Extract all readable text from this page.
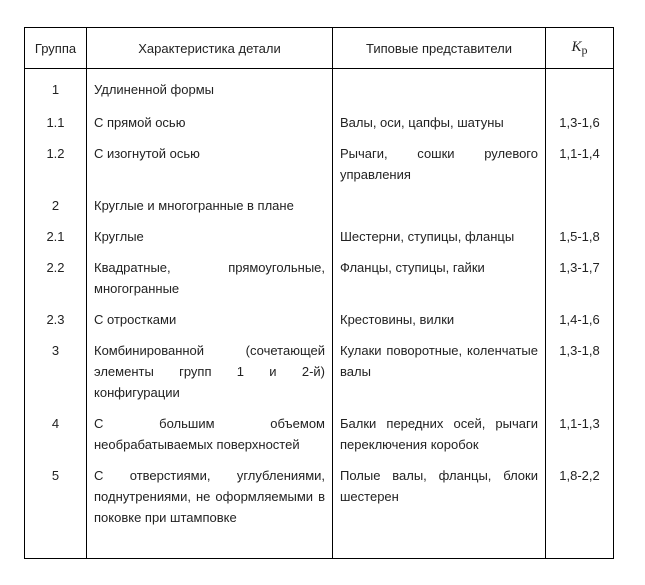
Группа	Характеристика детали	Типовые представители	$K_p$
1	Удлиненной формы		
1.1	С прямой осью	Валы, оси, цапфы, шатуны	1,3-1,6
1.2	С изогнутой осью	Рычаги, сошки рулевого управления	1,1-1,4
2	Круглые и многогранные в плане		
2.1	Круглые	Шестерни, ступицы, фланцы	1,5-1,8
2.2	Квадратные, прямоугольные, многогранные	Фланцы, ступицы, гайки	1,3-1,7
2.3	С отростками	Крестовины, вилки	1,4-1,6
3	Комбинированной (сочетающей элементы групп 1 и 2-й) конфигурации	Кулаки поворотные, коленчатые валы	1,3-1,8
4	С большим объемом необрабатываемых поверхностей	Балки передних осей, рычаги переключения коробок	1,1-1,3
5	С отверстиями, углублениями, поднутрениями, не оформляемыми в поковке при штамповке	Полые валы, фланцы, блоки шестерен	1,8-2,2
